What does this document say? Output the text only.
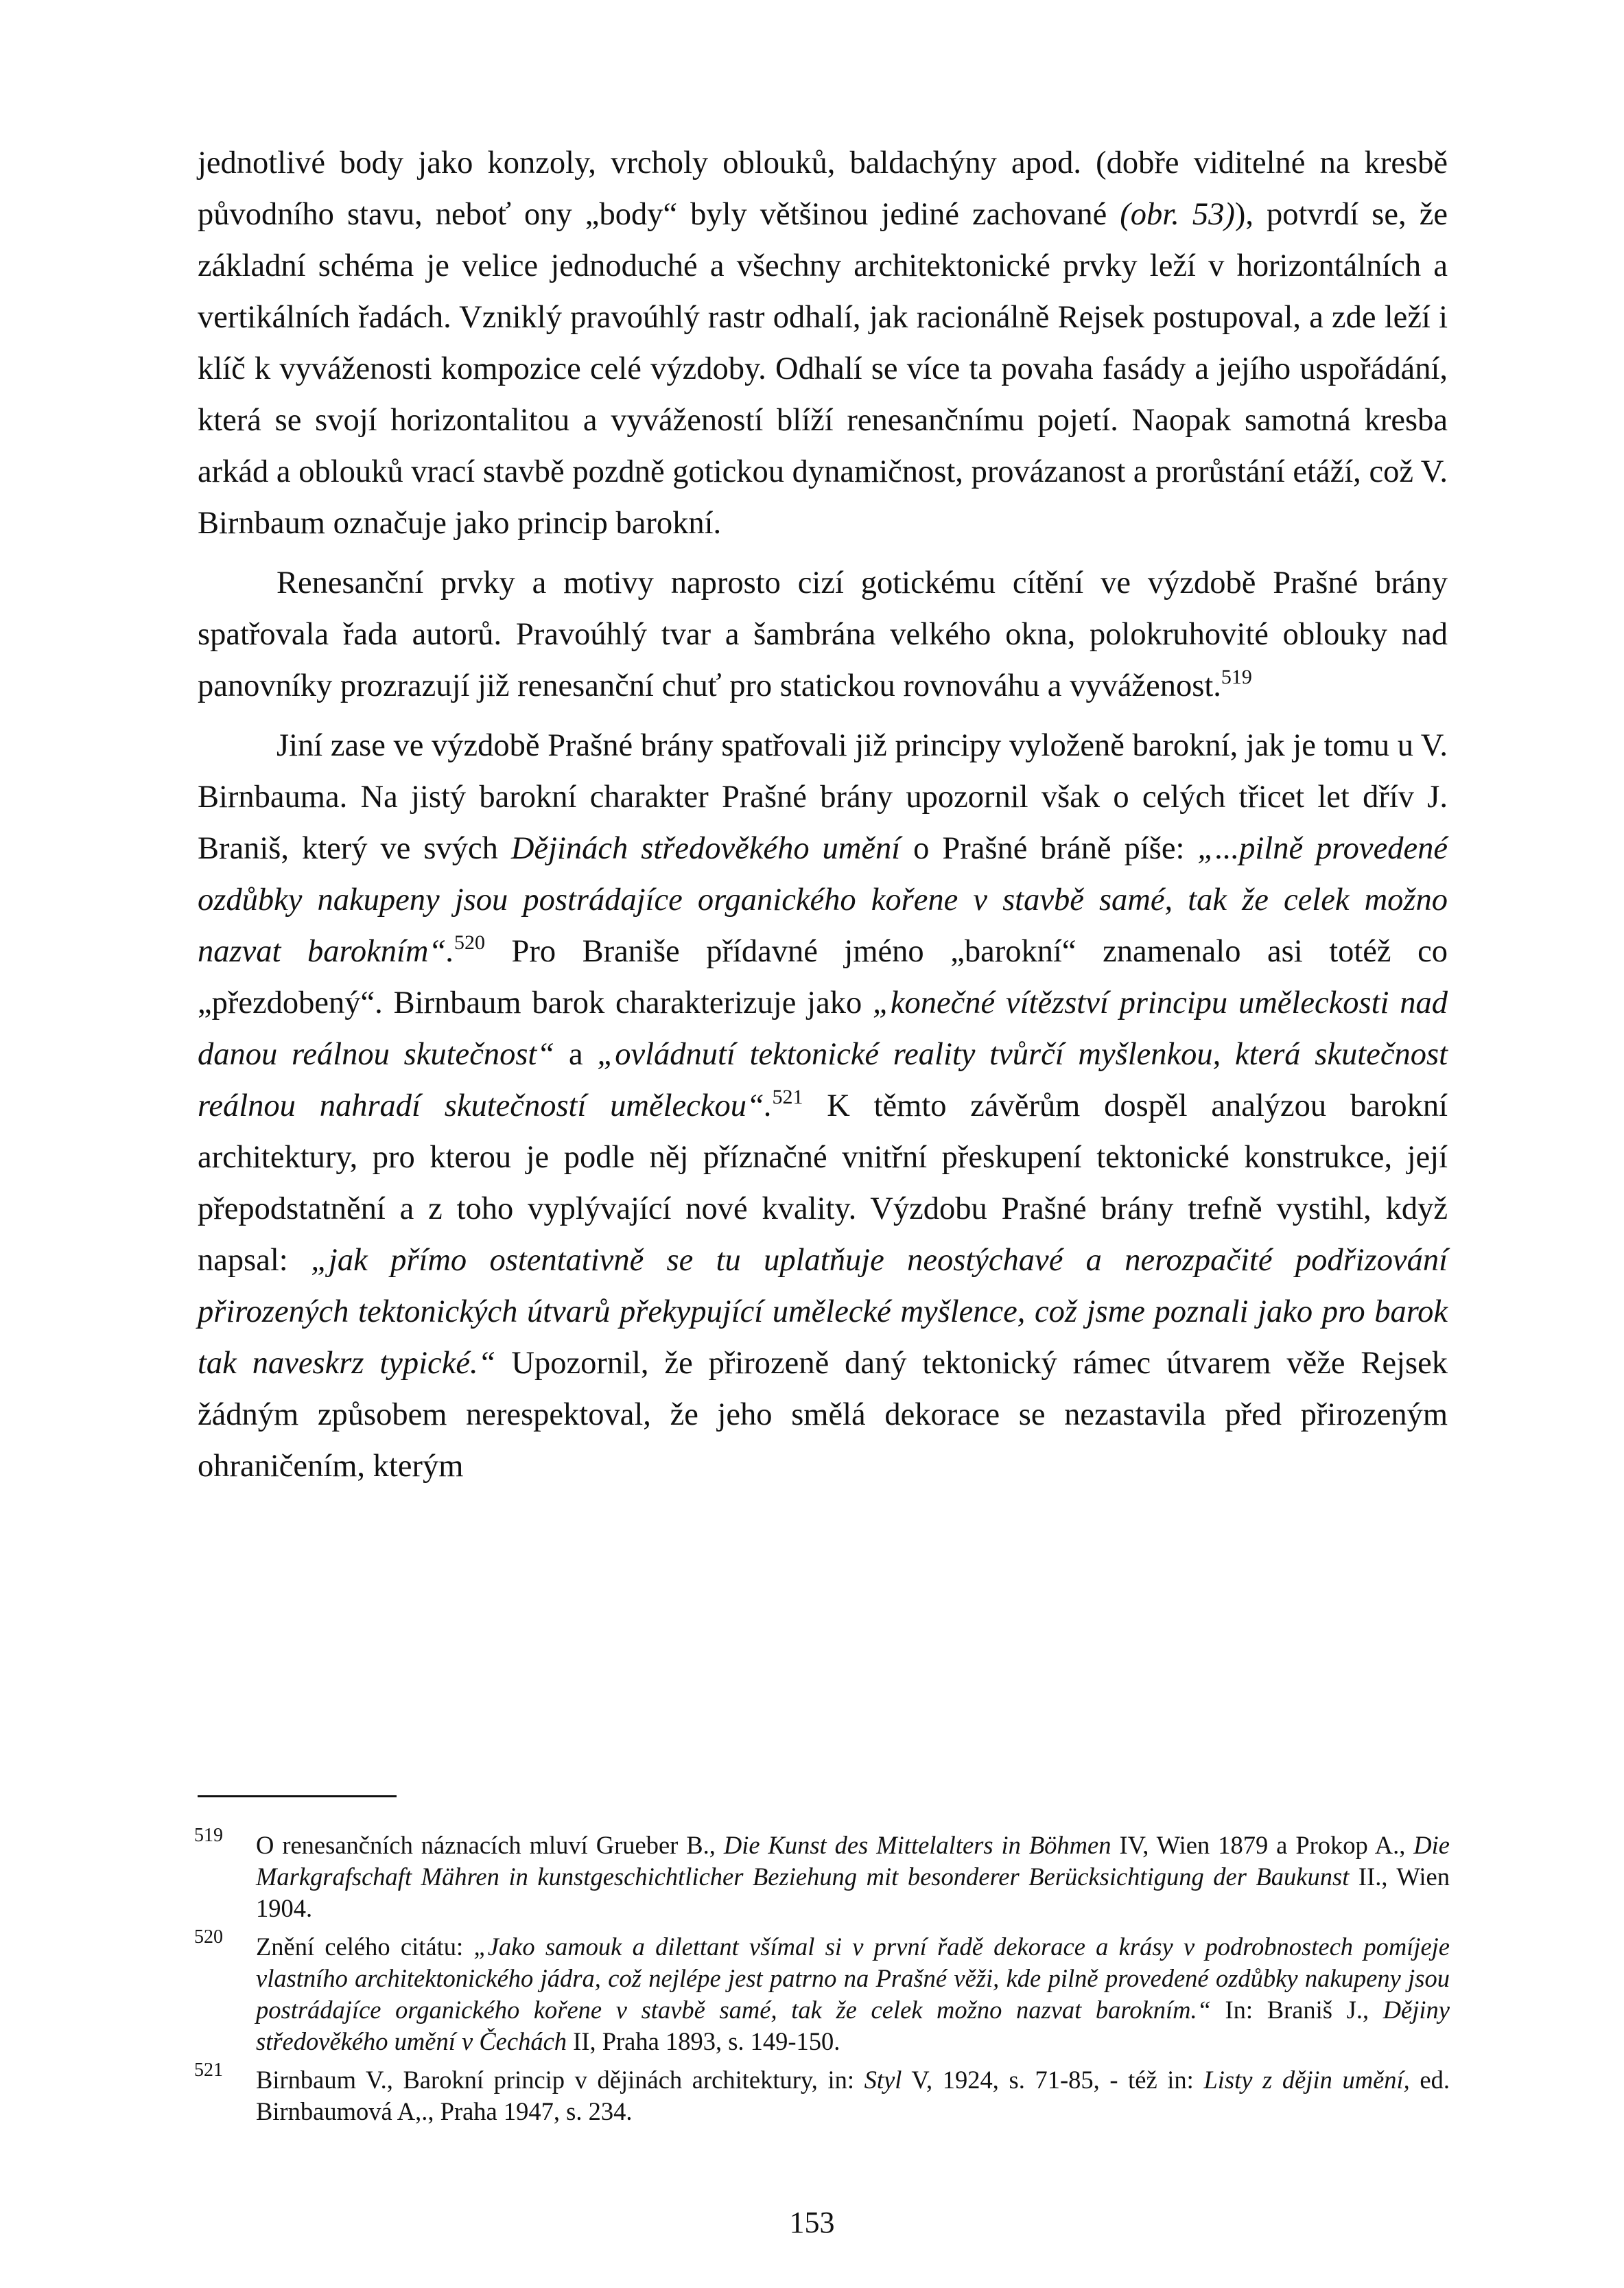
jednotlivé body jako konzoly, vrcholy oblouků, baldachýny apod. (dobře viditelné na kresbě původního stavu, neboť ony „body“ byly většinou jediné zachované (obr. 53)), potvrdí se, že základní schéma je velice jednoduché a všechny architektonické prvky leží v horizontálních a vertikálních řadách. Vzniklý pravoúhlý rastr odhalí, jak racionálně Rejsek postupoval, a zde leží i klíč k vyváženosti kompozice celé výzdoby. Odhalí se více ta povaha fasády a jejího uspořádání, která se svojí horizontalitou a vyvážeností blíží renesančnímu pojetí. Naopak samotná kresba arkád a oblouků vrací stavbě pozdně gotickou dynamičnost, provázanost a prorůstání etáží, což V. Birnbaum označuje jako princip barokní.

Renesanční prvky a motivy naprosto cizí gotickému cítění ve výzdobě Prašné brány spatřovala řada autorů. Pravoúhlý tvar a šambrána velkého okna, polokruhovité oblouky nad panovníky prozrazují již renesanční chuť pro statickou rovnováhu a vyváženost.$^{519}$

Jiní zase ve výzdobě Prašné brány spatřovali již principy vyloženě barokní, jak je tomu u V. Birnbauma. Na jistý barokní charakter Prašné brány upozornil však o celých třicet let dřív J. Braniš, který ve svých Dějinách středověkého umění o Prašné bráně píše: „...pilně provedené ozdůbky nakupeny jsou postrádajíce organického kořene v stavbě samé, tak že celek možno nazvat barokním“.$^{520}$ Pro Braniše přídavné jméno „barokní“ znamenalo asi totéž co „přezdobený“. Birnbaum barok charakterizuje jako „konečné vítězství principu uměleckosti nad danou reálnou skutečnost“ a „ovládnutí tektonické reality tvůrčí myšlenkou, která skutečnost reálnou nahradí skutečností uměleckou“.$^{521}$ K těmto závěrům dospěl analýzou barokní architektury, pro kterou je podle něj příznačné vnitřní přeskupení tektonické konstrukce, její přepodstatnění a z toho vyplývající nové kvality. Výzdobu Prašné brány trefně vystihl, když napsal: „jak přímo ostentativně se tu uplatňuje neostýchavé a nerozpačité podřizování přirozených tektonických útvarů překypující umělecké myšlence, což jsme poznali jako pro barok tak naveskrz typické.“ Upozornil, že přirozeně daný tektonický rámec útvarem věže Rejsek žádným způsobem nerespektoval, že jeho smělá dekorace se nezastavila před přirozeným ohraničením, kterým

519 O renesančních náznacích mluví Grueber B., Die Kunst des Mittelalters in Böhmen IV, Wien 1879 a Prokop A., Die Markgrafschaft Mähren in kunstgeschichtlicher Beziehung mit besonderer Berücksichtigung der Baukunst II., Wien 1904.
520 Znění celého citátu: „Jako samouk a dilettant všímal si v první řadě dekorace a krásy v podrobnostech pomíjeje vlastního architektonického jádra, což nejlépe jest patrno na Prašné věži, kde pilně provedené ozdůbky nakupeny jsou postrádajíce organického kořene v stavbě samé, tak že celek možno nazvat barokním.“ In: Braniš J., Dějiny středověkého umění v Čechách II, Praha 1893, s. 149-150.
521 Birnbaum V., Barokní princip v dějinách architektury, in: Styl V, 1924, s. 71-85, - též in: Listy z dějin umění, ed. Birnbaumová A,., Praha 1947, s. 234.
153
